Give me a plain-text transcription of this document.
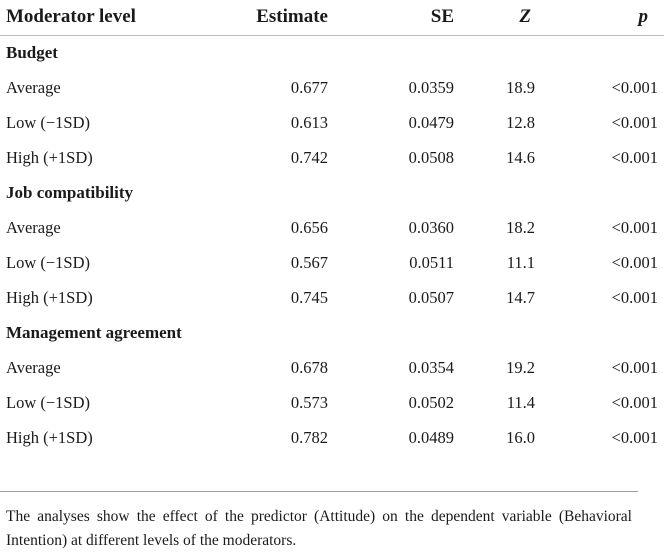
Moderator level	Estimate	SE	Z	p
Budget				
Average	0.677	0.0359	18.9	<0.001
Low (−1SD)	0.613	0.0479	12.8	<0.001
High (+1SD)	0.742	0.0508	14.6	<0.001
Job compatibility				
Average	0.656	0.0360	18.2	<0.001
Low (−1SD)	0.567	0.0511	11.1	<0.001
High (+1SD)	0.745	0.0507	14.7	<0.001
Management agreement				
Average	0.678	0.0354	19.2	<0.001
Low (−1SD)	0.573	0.0502	11.4	<0.001
High (+1SD)	0.782	0.0489	16.0	<0.001
The analyses show the effect of the predictor (Attitude) on the dependent variable (Behavioral Intention) at different levels of the moderators.
